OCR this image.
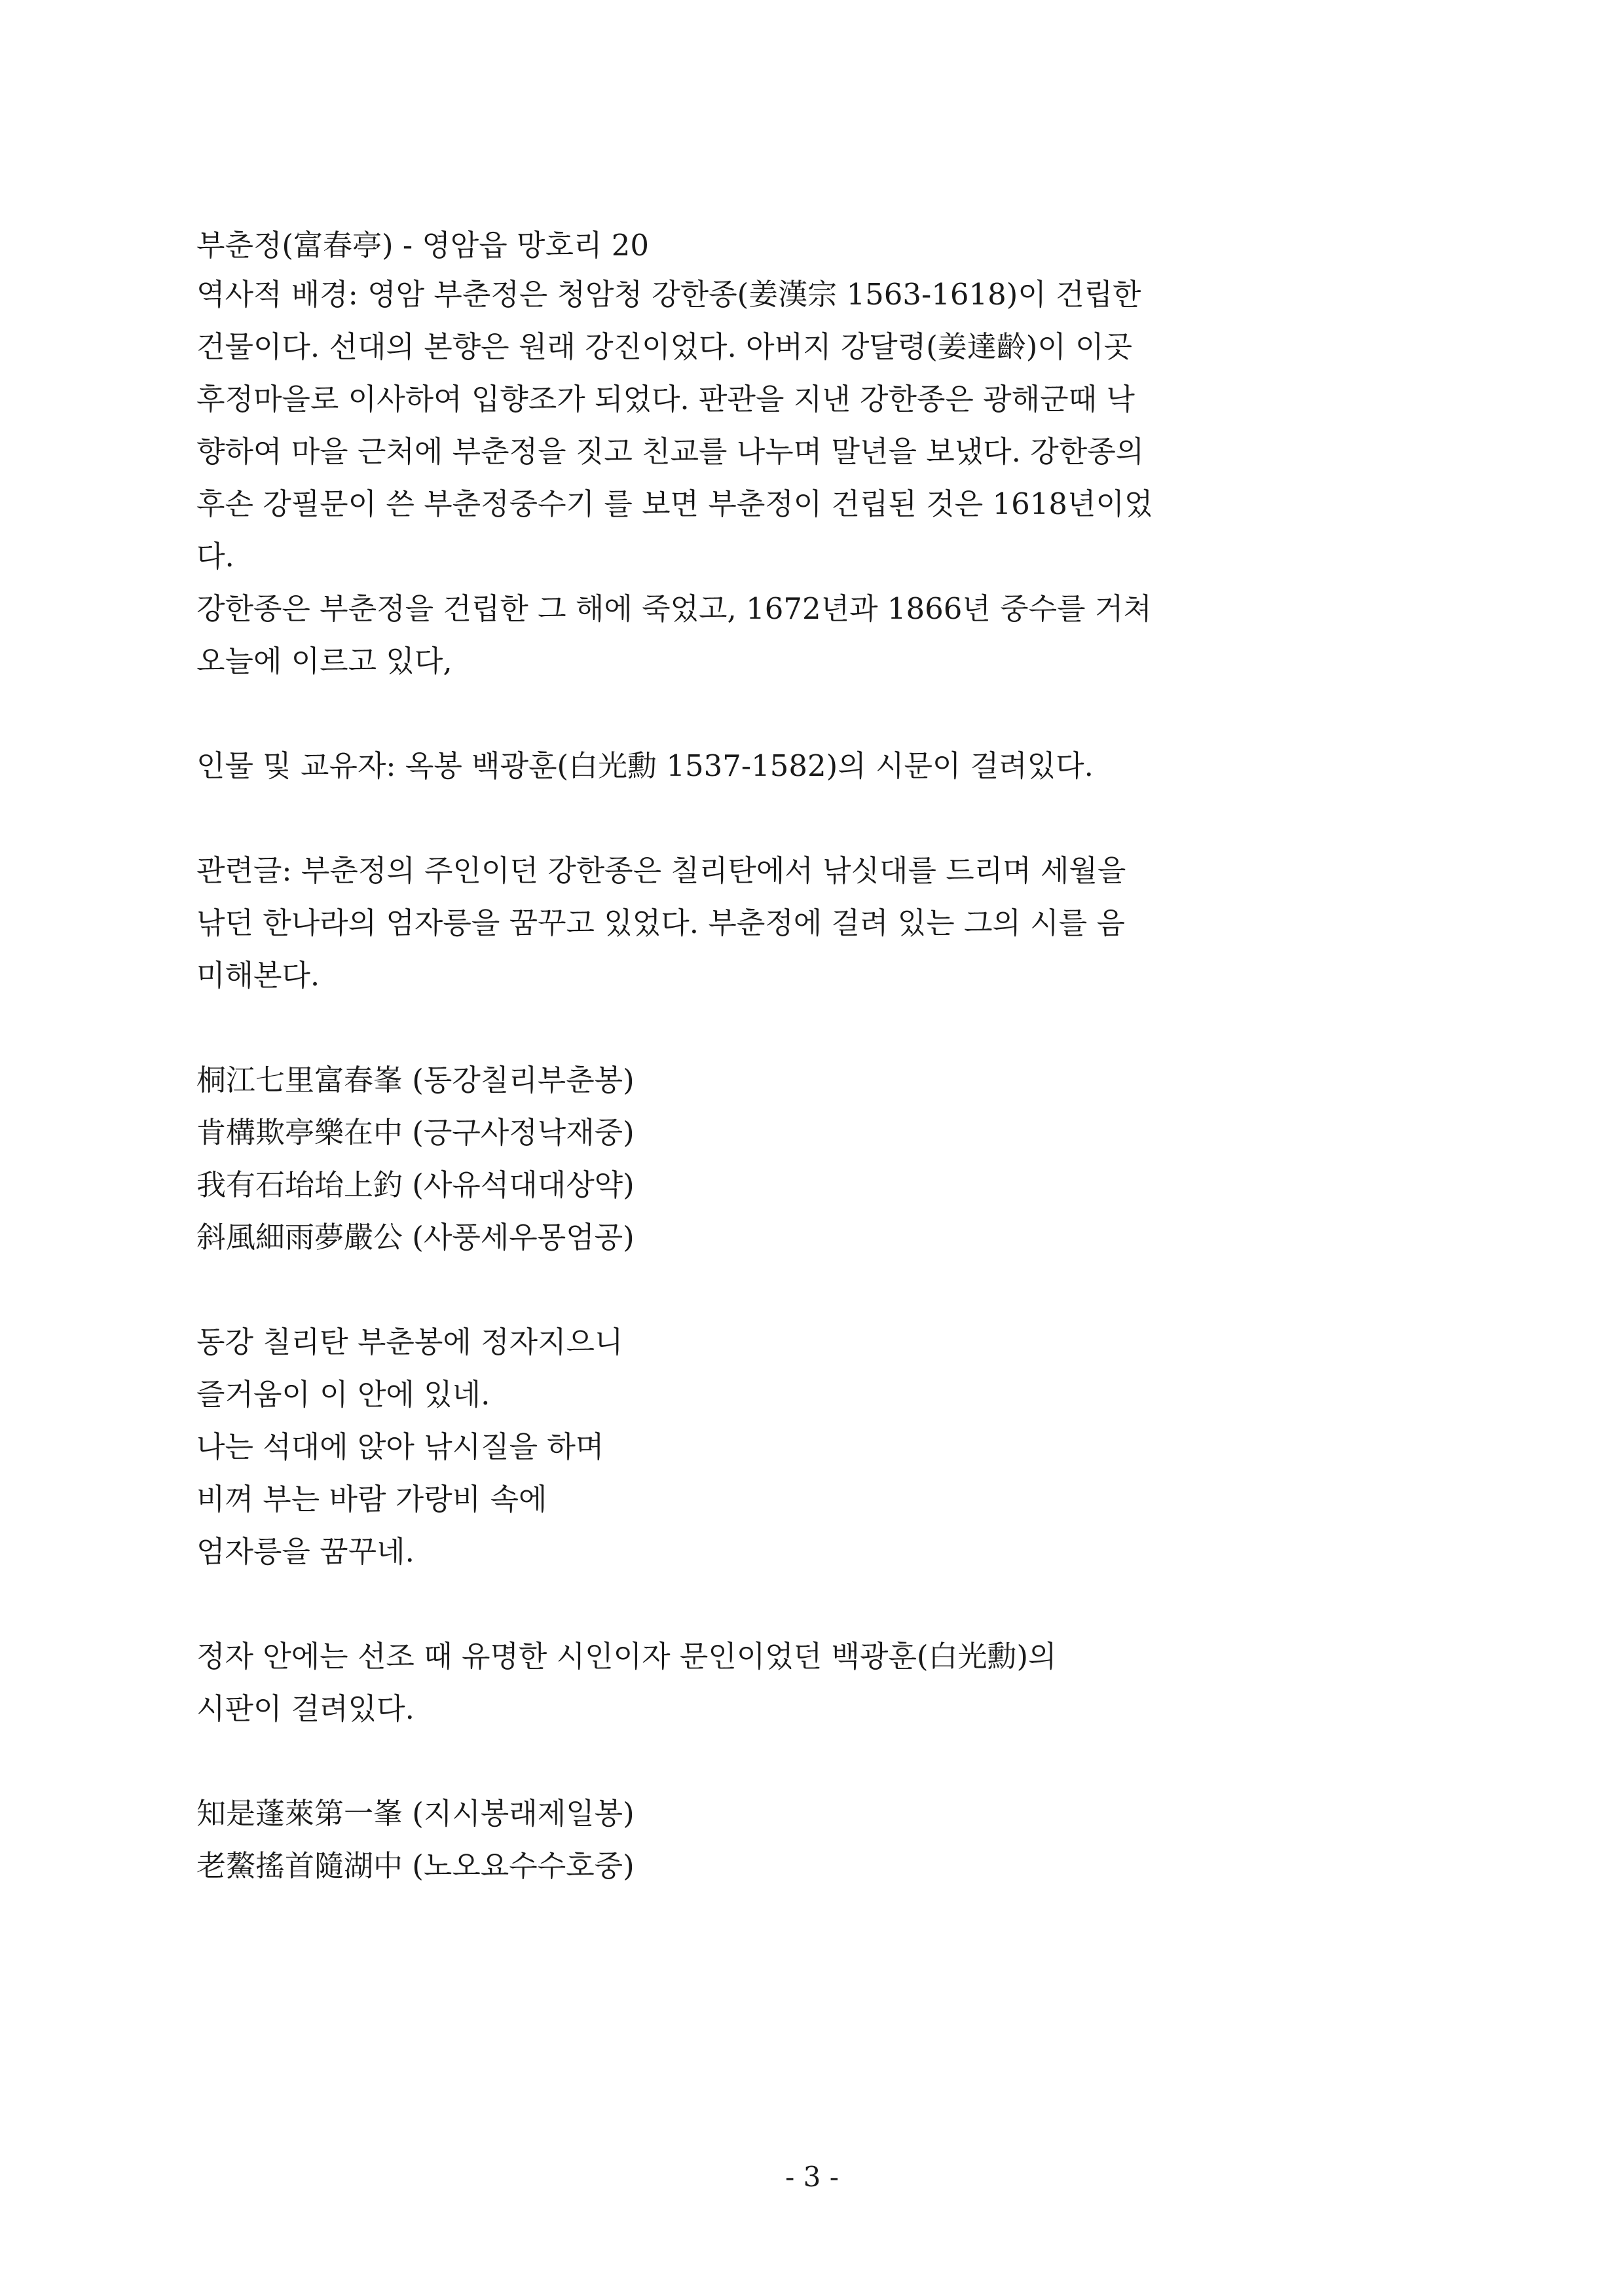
부춘정(富春亭) - 영암읍 망호리 20
역사적 배경: 영암 부춘정은 청암청 강한종(姜漢宗 1563-1618)이 건립한
건물이다. 선대의 본향은 원래 강진이었다. 아버지 강달령(姜達齡)이 이곳
후정마을로 이사하여 입향조가 되었다. 판관을 지낸 강한종은 광해군때 낙
향하여 마을 근처에 부춘정을 짓고 친교를 나누며 말년을 보냈다. 강한종의
후손 강필문이 쓴 부춘정중수기 를 보면 부춘정이 건립된 것은 1618년이었
다.
강한종은 부춘정을 건립한 그 해에 죽었고, 1672년과 1866년 중수를 거쳐
오늘에 이르고 있다,
인물 및 교유자: 옥봉 백광훈(白光勳 1537-1582)의 시문이 걸려있다.
관련글: 부춘정의 주인이던 강한종은 칠리탄에서 낚싯대를 드리며 세월을
낚던 한나라의 엄자릉을 꿈꾸고 있었다. 부춘정에 걸려 있는 그의 시를 음
미해본다.
桐江七里富春峯 (동강칠리부춘봉)
肯構欺亭樂在中 (긍구사정낙재중)
我有石坮坮上釣 (사유석대대상약)
斜風細雨夢嚴公 (사풍세우몽엄공)
동강 칠리탄 부춘봉에 정자지으니
즐거움이 이 안에 있네.
나는 석대에 앉아 낚시질을 하며
비껴 부는 바람 가랑비 속에
엄자릉을 꿈꾸네.
정자 안에는 선조 때 유명한 시인이자 문인이었던 백광훈(白光勳)의
시판이 걸려있다.
知是蓬萊第一峯 (지시봉래제일봉)
老鰲搖首隨湖中 (노오요수수호중)
- 3 -
